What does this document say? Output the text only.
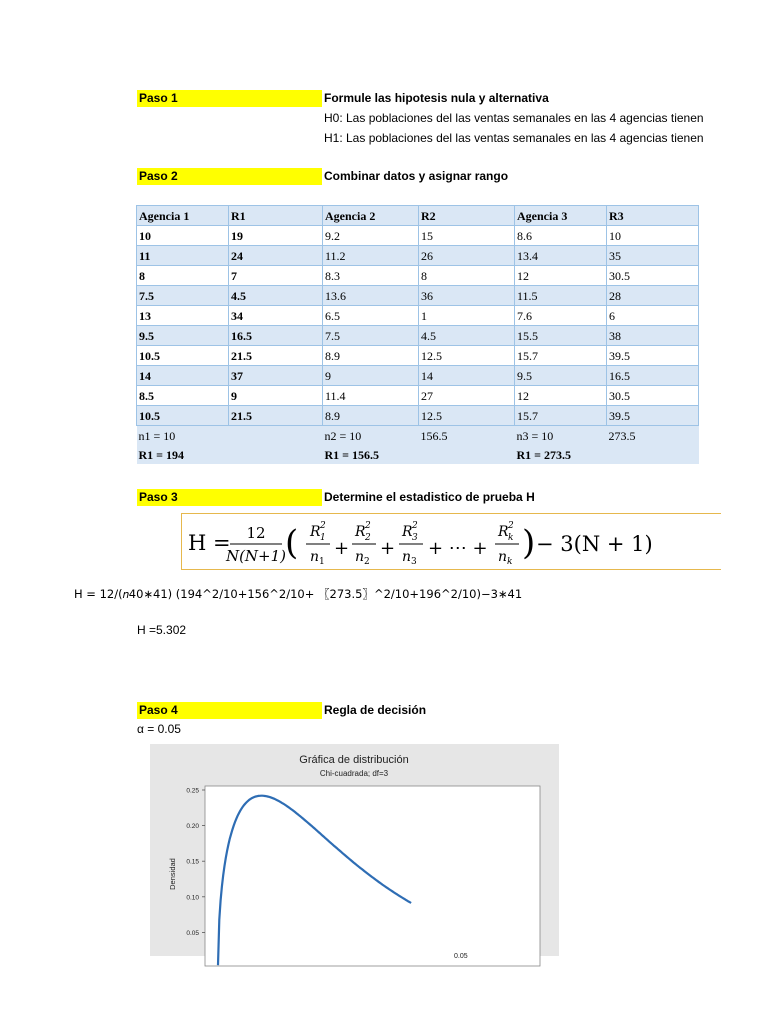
Paso 1	Formule las hipotesis nula y alternativa
H0: Las poblaciones del las ventas semanales en las 4 agencias tienen
H1: Las poblaciones del las ventas semanales en las 4 agencias tienen
Paso 2	Combinar datos y asignar rango
Agencia 1	R1	Agencia 2	R2	Agencia 3	R3
10	19	9.2	15	8.6	10
11	24	11.2	26	13.4	35
8	7	8.3	8	12	30.5
7.5	4.5	13.6	36	11.5	28
13	34	6.5	1	7.6	6
9.5	16.5	7.5	4.5	15.5	38
10.5	21.5	8.9	12.5	15.7	39.5
14	37	9	14	9.5	16.5
8.5	9	11.4	27	12	30.5
10.5	21.5	8.9	12.5	15.7	39.5
n1 = 10		n2 = 10	156.5	n3 = 10	273.5
R1 = 194		R1 = 156.5		R1 = 273.5	
Paso 3	Determine el estadistico de prueba H
H = 12
N(N+1)
( R 2
1
n 1
+
R 2
2
n 2
+
R 2
3
n 3
+ ⋯ +
R 2
k
n k ) − 3(N + 1)
H = 12/(𝑛40∗41) (194^2/10+156^2/10+ 〖273.5〗^2/10+196^2/10)−3∗41
H =5.302
Paso 4	Regla de decisión
α = 0.05
Gráfica de distribución
Chi-cuadrada; df=3
Densidad
0.25
0.20
0.15
0.10
0.05
0.05
